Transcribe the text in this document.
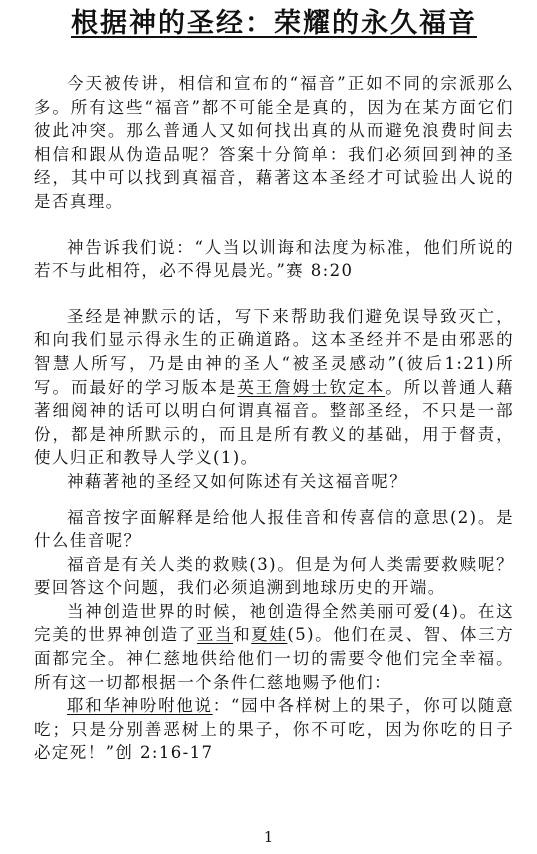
根据神的圣经：荣耀的永久福音

今天被传讲，相信和宣布的“福音”正如不同的宗派那么多。所有这些“福音”都不可能全是真的，因为在某方面它们彼此冲突。那么普通人又如何找出真的从而避免浪费时间去相信和跟从伪造品呢？答案十分简单：我们必须回到神的圣经，其中可以找到真福音，藉著这本圣经才可试验出人说的是否真理。

神告诉我们说：“人当以训诲和法度为标准，他们所说的若不与此相符，必不得见晨光。”赛 8:20

圣经是神默示的话，写下来帮助我们避免误导致灭亡，和向我们显示得永生的正确道路。这本圣经并不是由邪恶的智慧人所写，乃是由神的圣人“被圣灵感动”(彼后1:21)所写。而最好的学习版本是英王詹姆士钦定本。所以普通人藉著细阅神的话可以明白何谓真福音。整部圣经，不只是一部份，都是神所默示的，而且是所有教义的基础，用于督责，使人归正和教导人学义(1)。

神藉著祂的圣经又如何陈述有关这福音呢？

福音按字面解释是给他人报佳音和传喜信的意思(2)。是什么佳音呢？

福音是有关人类的救赎(3)。但是为何人类需要救赎呢？要回答这个问题，我们必须追溯到地球历史的开端。

当神创造世界的时候，祂创造得全然美丽可爱(4)。在这完美的世界神创造了亚当和夏娃(5)。他们在灵、智、体三方面都完全。神仁慈地供给他们一切的需要令他们完全幸福。所有这一切都根据一个条件仁慈地赐予他们：

耶和华神吩咐他说：“园中各样树上的果子，你可以随意吃；只是分别善恶树上的果子，你不可吃，因为你吃的日子必定死！”创 2:16-17

1
